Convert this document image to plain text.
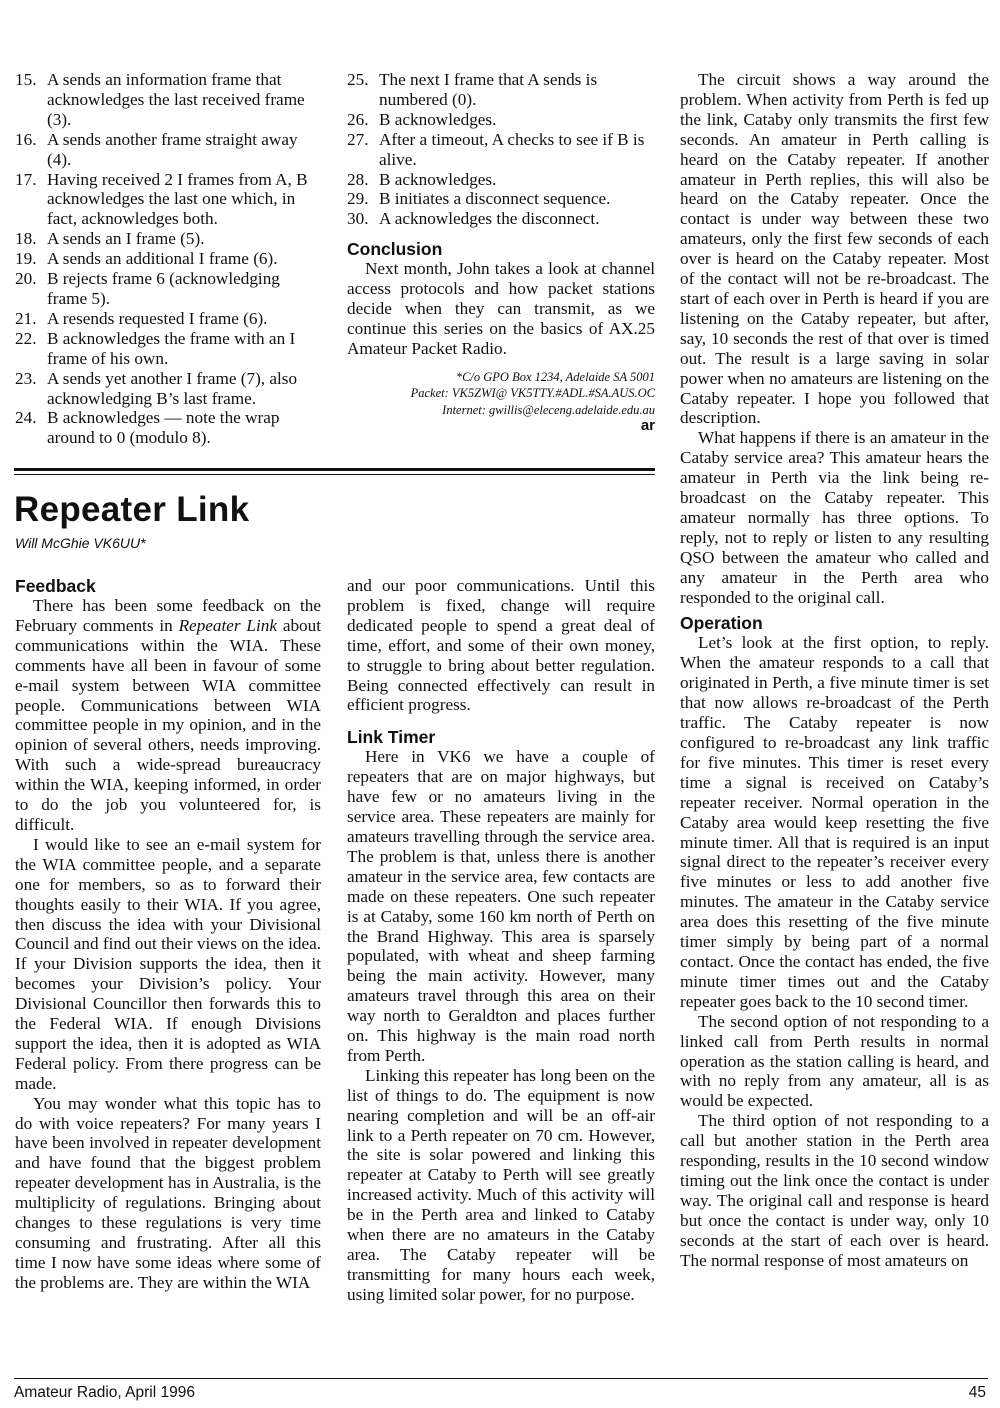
15. A sends an information frame that acknowledges the last received frame (3).
16. A sends another frame straight away (4).
17. Having received 2 I frames from A, B acknowledges the last one which, in fact, acknowledges both.
18. A sends an I frame (5).
19. A sends an additional I frame (6).
20. B rejects frame 6 (acknowledging frame 5).
21. A resends requested I frame (6).
22. B acknowledges the frame with an I frame of his own.
23. A sends yet another I frame (7), also acknowledging B’s last frame.
24. B acknowledges — note the wrap around to 0 (modulo 8).
25. The next I frame that A sends is numbered (0).
26. B acknowledges.
27. After a timeout, A checks to see if B is alive.
28. B acknowledges.
29. B initiates a disconnect sequence.
30. A acknowledges the disconnect.
Conclusion

Next month, John takes a look at channel access protocols and how packet stations decide when they can transmit, as we continue this series on the basics of AX.25 Amateur Packet Radio.

*C/o GPO Box 1234, Adelaide SA 5001
Packet: VK5ZWI@ VK5TTY.#ADL.#SA.AUS.OC
Internet: gwillis@eleceng.adelaide.edu.au
ar

The circuit shows a way around the problem. When activity from Perth is fed up the link, Cataby only transmits the first few seconds. An amateur in Perth calling is heard on the Cataby repeater. If another amateur in Perth replies, this will also be heard on the Cataby repeater. Once the contact is under way between these two amateurs, only the first few seconds of each over is heard on the Cataby repeater. Most of the contact will not be re-broadcast. The start of each over in Perth is heard if you are listening on the Cataby repeater, but after, say, 10 seconds the rest of that over is timed out. The result is a large saving in solar power when no amateurs are listening on the Cataby repeater. I hope you followed that description.

What happens if there is an amateur in the Cataby service area? This amateur hears the amateur in Perth via the link being re-broadcast on the Cataby repeater. This amateur normally has three options. To reply, not to reply or listen to any resulting QSO between the amateur who called and any amateur in the Perth area who responded to the original call.

Operation

Let’s look at the first option, to reply. When the amateur responds to a call that originated in Perth, a five minute timer is set that now allows re-broadcast of the Perth traffic. The Cataby repeater is now configured to re-broadcast any link traffic for five minutes. This timer is reset every time a signal is received on Cataby’s repeater receiver. Normal operation in the Cataby area would keep resetting the five minute timer. All that is required is an input signal direct to the repeater’s receiver every five minutes or less to add another five minutes. The amateur in the Cataby service area does this resetting of the five minute timer simply by being part of a normal contact. Once the contact has ended, the five minute timer times out and the Cataby repeater goes back to the 10 second timer.

The second option of not responding to a linked call from Perth results in normal operation as the station calling is heard, and with no reply from any amateur, all is as would be expected.

The third option of not responding to a call but another station in the Perth area responding, results in the 10 second window timing out the link once the contact is under way. The original call and response is heard but once the contact is under way, only 10 seconds at the start of each over is heard. The normal response of most amateurs on

Repeater Link
Will McGhie VK6UU*
Feedback

There has been some feedback on the February comments in Repeater Link about communications within the WIA. These comments have all been in favour of some e-mail system between WIA committee people. Communications between WIA committee people in my opinion, and in the opinion of several others, needs improving. With such a wide-spread bureaucracy within the WIA, keeping informed, in order to do the job you volunteered for, is difficult.

I would like to see an e-mail system for the WIA committee people, and a separate one for members, so as to forward their thoughts easily to their WIA. If you agree, then discuss the idea with your Divisional Council and find out their views on the idea. If your Division supports the idea, then it becomes your Division’s policy. Your Divisional Councillor then forwards this to the Federal WIA. If enough Divisions support the idea, then it is adopted as WIA Federal policy. From there progress can be made.

You may wonder what this topic has to do with voice repeaters? For many years I have been involved in repeater development and have found that the biggest problem repeater development has in Australia, is the multiplicity of regulations. Bringing about changes to these regulations is very time consuming and frustrating. After all this time I now have some ideas where some of the problems are. They are within the WIA

and our poor communications. Until this problem is fixed, change will require dedicated people to spend a great deal of time, effort, and some of their own money, to struggle to bring about better regulation. Being connected effectively can result in efficient progress.

Link Timer

Here in VK6 we have a couple of repeaters that are on major highways, but have few or no amateurs living in the service area. These repeaters are mainly for amateurs travelling through the service area. The problem is that, unless there is another amateur in the service area, few contacts are made on these repeaters. One such repeater is at Cataby, some 160 km north of Perth on the Brand Highway. This area is sparsely populated, with wheat and sheep farming being the main activity. However, many amateurs travel through this area on their way north to Geraldton and places further on. This highway is the main road north from Perth.

Linking this repeater has long been on the list of things to do. The equipment is now nearing completion and will be an off-air link to a Perth repeater on 70 cm. However, the site is solar powered and linking this repeater at Cataby to Perth will see greatly increased activity. Much of this activity will be in the Perth area and linked to Cataby when there are no amateurs in the Cataby area. The Cataby repeater will be transmitting for many hours each week, using limited solar power, for no purpose.

Amateur Radio, April 1996	45
